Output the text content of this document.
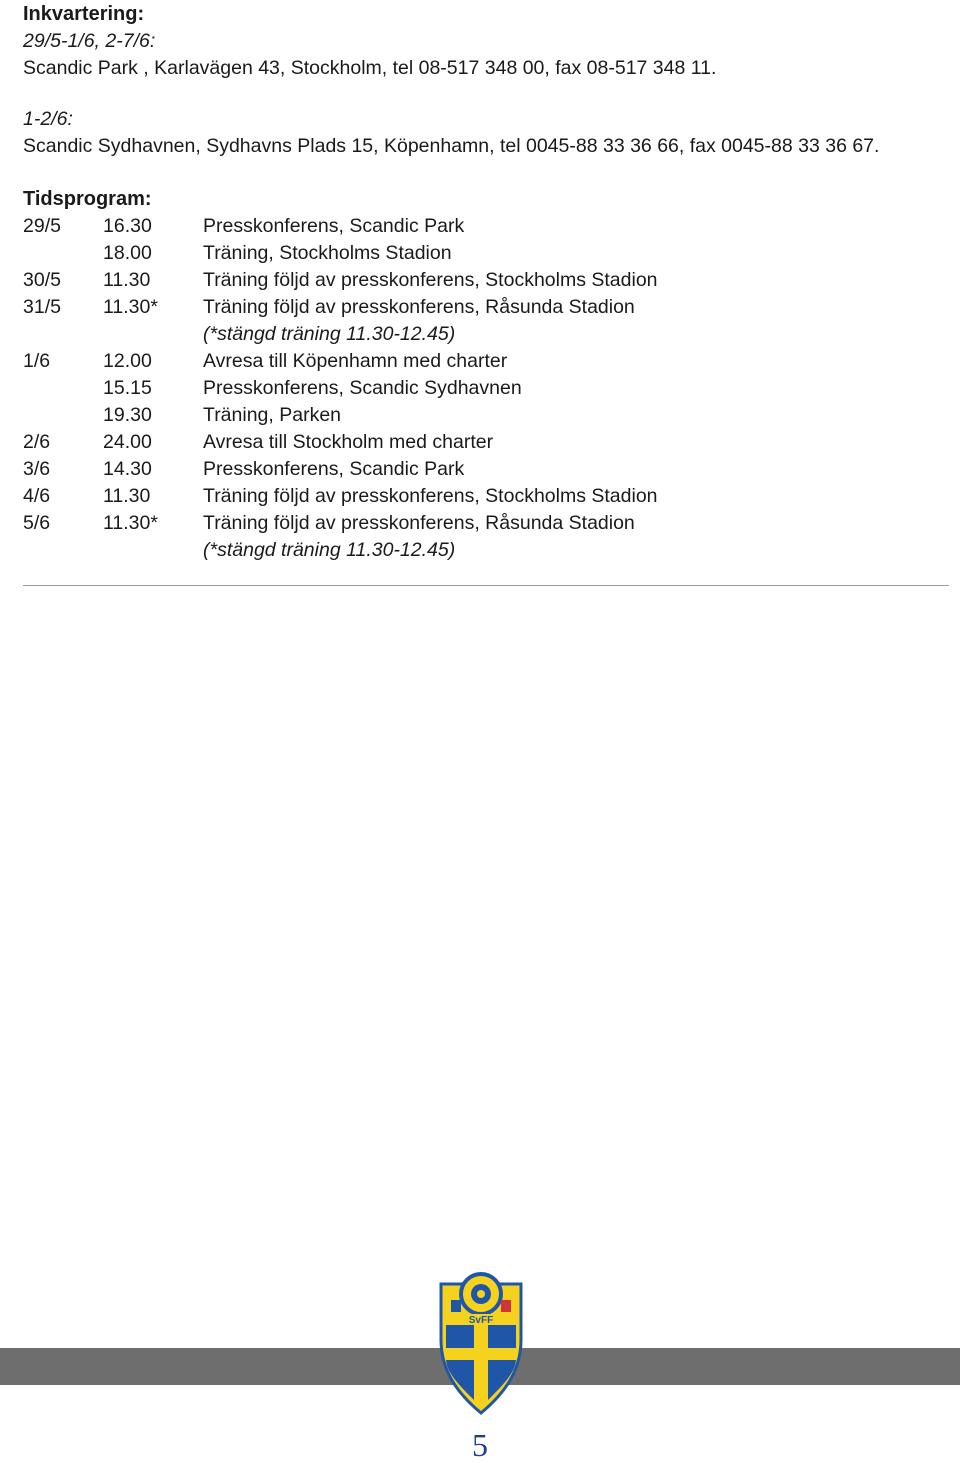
Inkvartering:
29/5-1/6, 2-7/6:
Scandic Park , Karlavägen 43, Stockholm, tel 08-517 348 00, fax 08-517 348 11.
1-2/6:
Scandic Sydhavnen, Sydhavns Plads 15, Köpenhamn, tel 0045-88 33 36 66, fax 0045-88 33 36 67.
Tidsprogram:
29/5 16.30	Presskonferens, Scandic Park
18.00	Träning, Stockholms Stadion
30/5 11.30	Träning följd av presskonferens, Stockholms Stadion
31/5 11.30* Träning följd av presskonferens, Råsunda Stadion
(*stängd träning 11.30-12.45)
1/6	12.00	Avresa till Köpenhamn med charter
15.15	Presskonferens, Scandic Sydhavnen
19.30	Träning, Parken
2/6	24.00	Avresa till Stockholm med charter
3/6	14.30	Presskonferens, Scandic Park
4/6	11.30	Träning följd av presskonferens, Stockholms Stadion
5/6	11.30* Träning följd av presskonferens, Råsunda Stadion
(*stängd träning 11.30-12.45)
SvFF
5
